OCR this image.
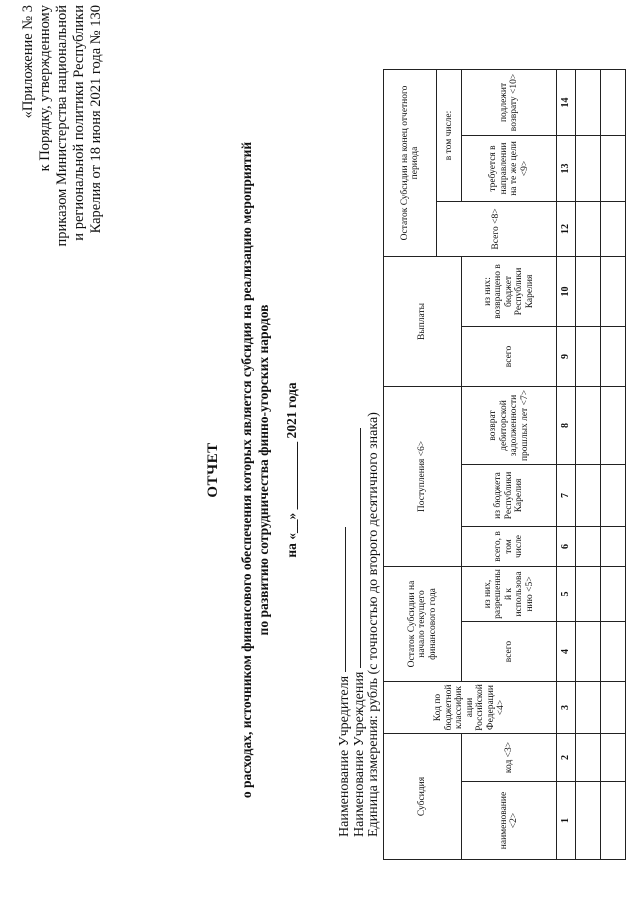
«Приложение № 3 к Порядку, утвержденному приказом Министерства национальной и региональной политики Республики Карелия от 18 июня 2021 года № 130
ОТЧЕТ о расходах, источником финансового обеспечения которых является субсидия на реализацию мероприятий по развитию сотрудничества финно-угорских народов на «__» __________ 2021 года
Наименование Учредителя Наименование Учреждения Единица измерения: рубль (с точностью до второго десятичного знака)	Субсидия		Код по бюджетной классификации Российской Федерации <4>	Остаток Субсидии на начало текущего финансового года		Поступления <6>			Выплаты		Остаток Субсидии на конец отчетного периода		
										Всего <8>	в том числе:	
наименование <2>	код <3>		всего	из них, разрешенный к использованию <5>	всего, в том числе	из бюджета Республики Карелия	возврат дебиторской задолженности прошлых лет <7>	всего	из них: возвращено в бюджет Республики Карелия		требуется в направлении на те же цели <9>	подлежит возврату <10>
1	2	3	4	5	6	7	8	9	10	12	13	14
